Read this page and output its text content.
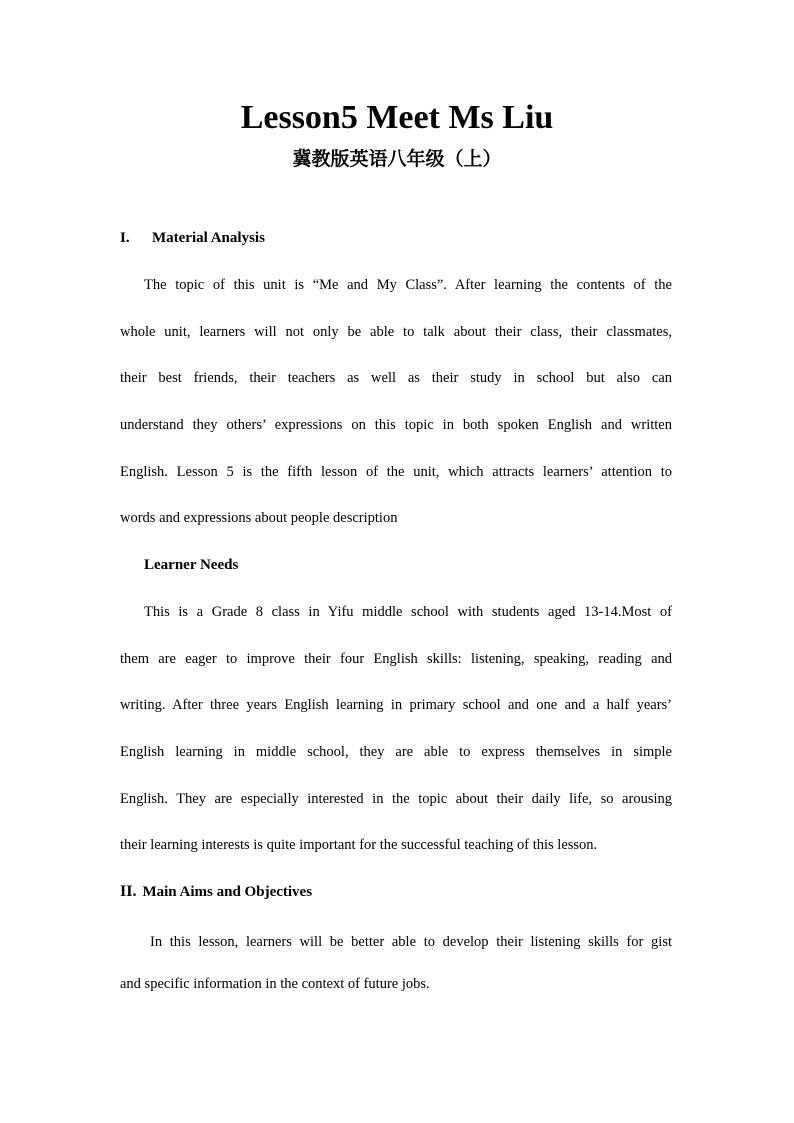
Lesson5 Meet Ms Liu
冀教版英语八年级（上）
I. Material Analysis
The topic of this unit is “Me and My Class”. After learning the contents of the
whole unit, learners will not only be able to talk about their class, their classmates,
their best friends, their teachers as well as their study in school but also can
understand they others’ expressions on this topic in both spoken English and written
English. Lesson 5 is the fifth lesson of the unit, which attracts learners’ attention to
words and expressions about people description
Learner Needs
This is a Grade 8 class in Yifu middle school with students aged 13-14.Most of
them are eager to improve their four English skills: listening, speaking, reading and
writing. After three years English learning in primary school and one and a half years’
English learning in middle school, they are able to express themselves in simple
English. They are especially interested in the topic about their daily life, so arousing
their learning interests is quite important for the successful teaching of this lesson.
II. Main Aims and Objectives
In this lesson, learners will be better able to develop their listening skills for gist
and specific information in the context of future jobs.
